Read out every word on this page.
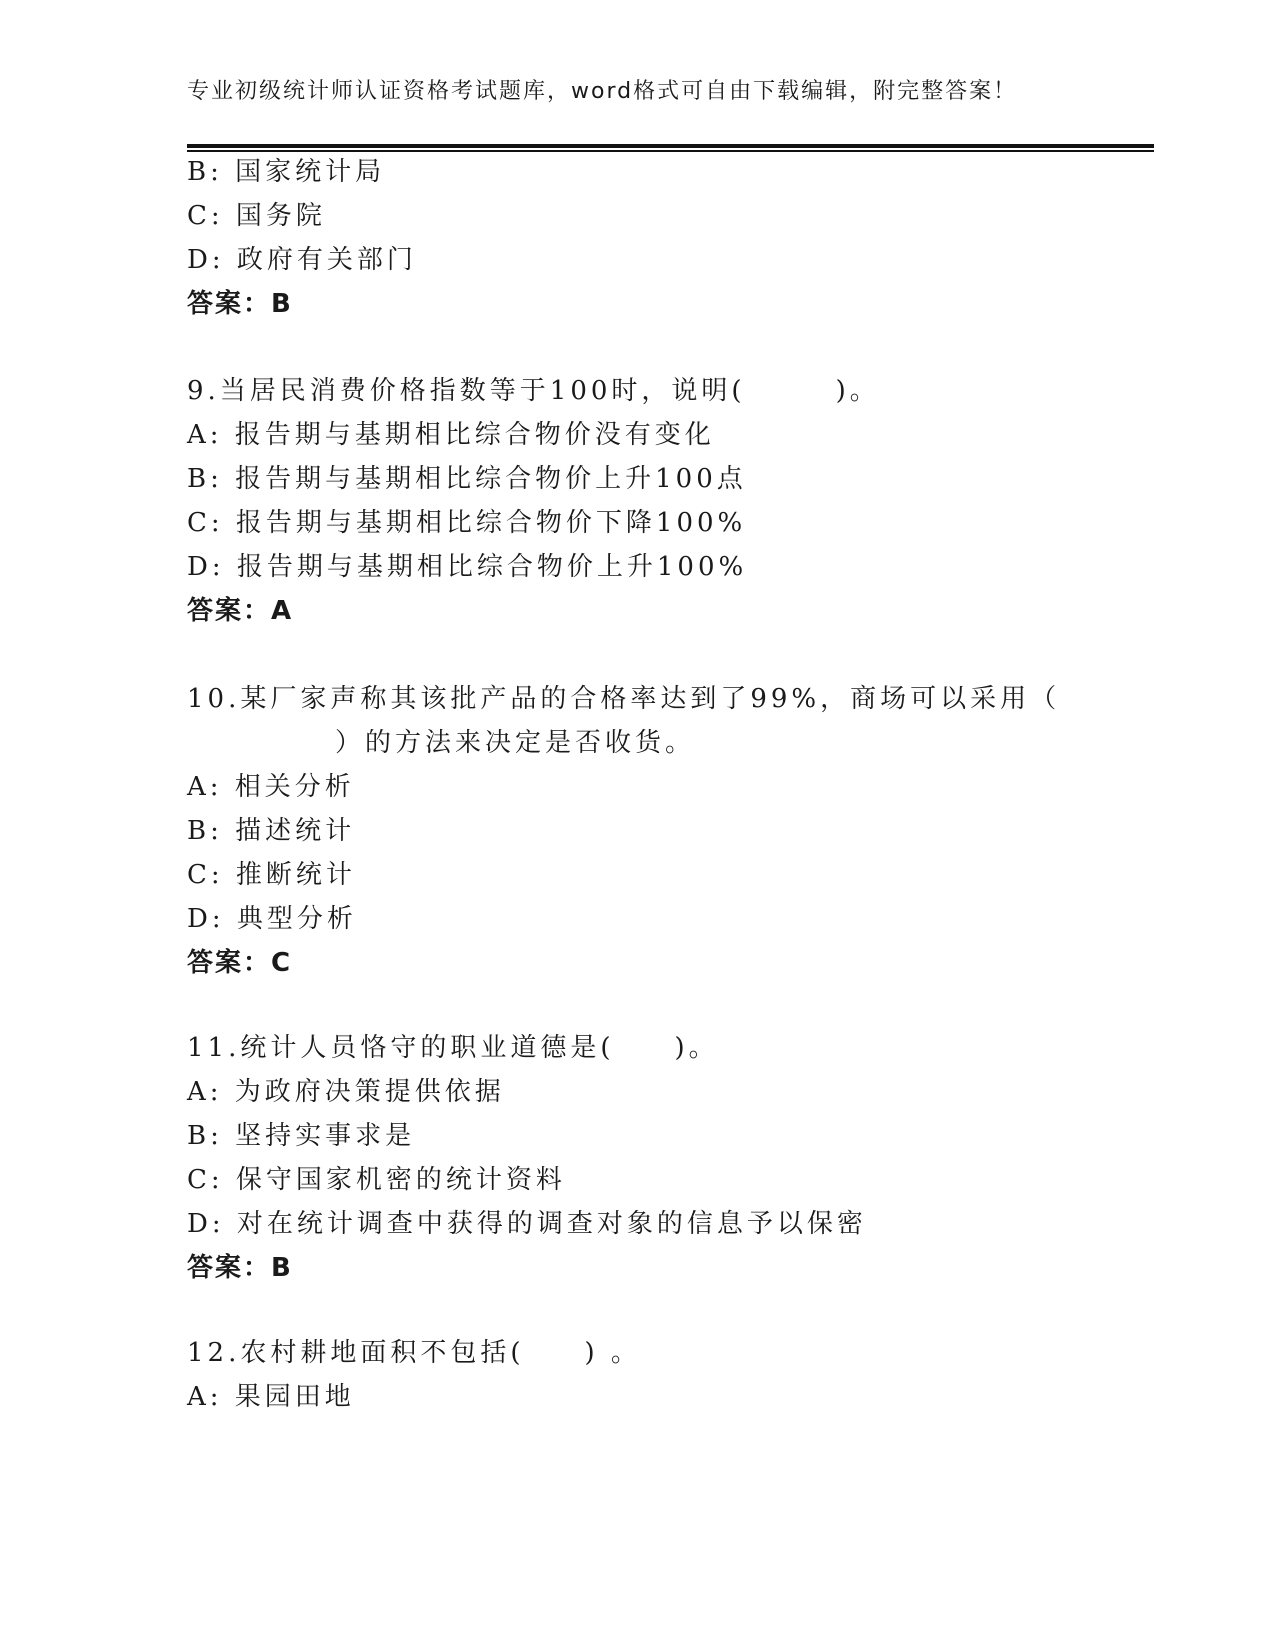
专业初级统计师认证资格考试题库，word格式可自由下载编辑，附完整答案！
B: 国家统计局
C: 国务院
D: 政府有关部门
答案：B
9.当居民消费价格指数等于100时，说明(　　　)。
A: 报告期与基期相比综合物价没有变化
B: 报告期与基期相比综合物价上升100点
C: 报告期与基期相比综合物价下降100%
D: 报告期与基期相比综合物价上升100%
答案：A
10.某厂家声称其该批产品的合格率达到了99%，商场可以采用（
）的方法来决定是否收货。
A: 相关分析
B: 描述统计
C: 推断统计
D: 典型分析
答案：C
11.统计人员恪守的职业道德是(　　)。
A: 为政府决策提供依据
B: 坚持实事求是
C: 保守国家机密的统计资料
D: 对在统计调查中获得的调查对象的信息予以保密
答案：B
12.农村耕地面积不包括(　　) 。
A: 果园田地
